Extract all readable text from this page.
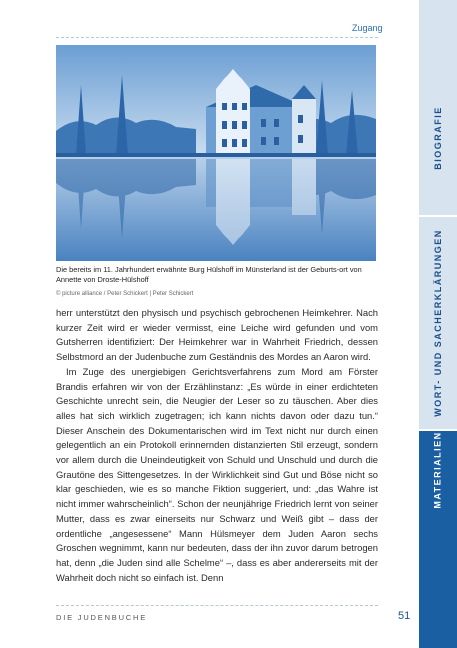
Zugang
Die bereits im 11. Jahrhundert erwähnte Burg Hülshoff im Münsterland ist der Geburts-ort von Annette von Droste-Hülshoff
© picture alliance / Peter Schickert | Peter Schickert

herr unterstützt den physisch und psychisch gebrochenen Heimkehrer. Nach kurzer Zeit wird er wieder vermisst, eine Leiche wird gefunden und vom Gutsherren identifiziert: Der Heimkehrer war in Wahrheit Friedrich, dessen Selbstmord an der Judenbuche zum Geständnis des Mordes an Aaron wird.

Im Zuge des unergiebigen Gerichtsverfahrens zum Mord am Förster Brandis erfahren wir von der Erzählinstanz: „Es würde in einer erdichteten Geschichte unrecht sein, die Neugier der Leser so zu täuschen. Aber dies alles hat sich wirklich zugetragen; ich kann nichts davon oder dazu tun.“ Dieser Anschein des Dokumentarischen wird im Text nicht nur durch einen gelegentlich an ein Protokoll erinnernden distanzierten Stil erzeugt, sondern vor allem durch die Uneindeutigkeit von Schuld und Unschuld und durch die Grautöne des Sittengesetzes. In der Wirklichkeit sind Gut und Böse nicht so klar geschieden, wie es so manche Fiktion suggeriert, und: „das Wahre ist nicht immer wahrscheinlich“. Schon der neunjährige Friedrich lernt von seiner Mutter, dass es zwar einerseits nur Schwarz und Weiß gibt – dass der ordentliche „angesessene“ Mann Hülsmeyer dem Juden Aaron sechs Groschen wegnimmt, kann nur bedeuten, dass der ihn zuvor darum betrogen hat, denn „die Juden sind alle Schelme“ –, dass es aber andererseits mit der Wahrheit doch nicht so einfach ist. Denn

DIE JUDENBUCHE	51
BIOGRAFIE
WORT- UND SACHERKLÄRUNGEN
MATERIALIEN
